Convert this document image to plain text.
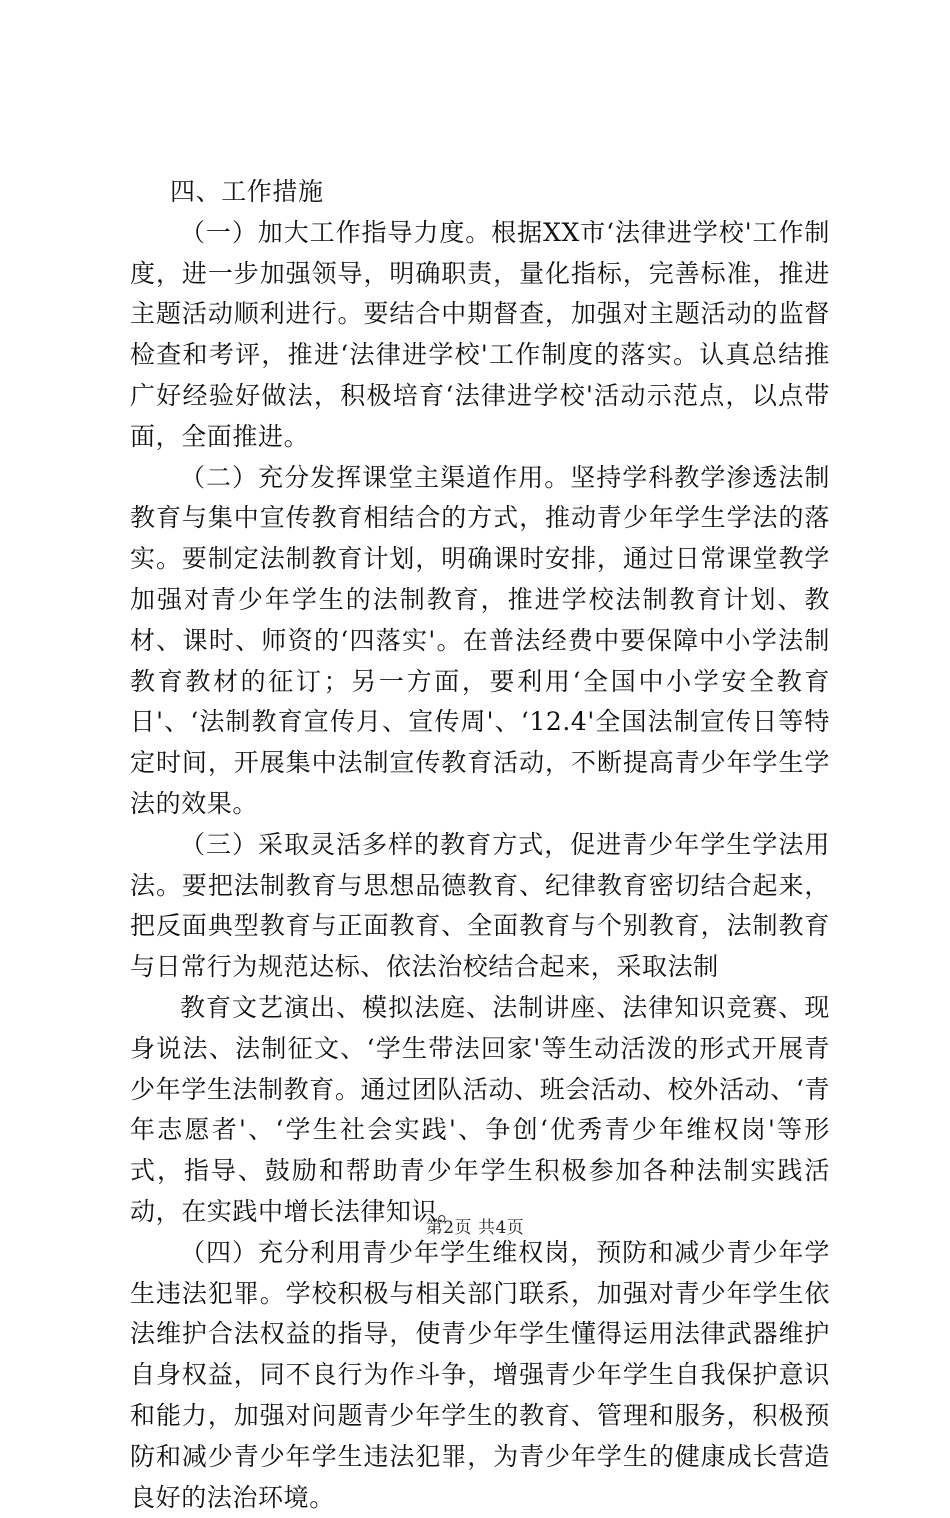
四、工作措施

（一）加大工作指导力度。根据XX市‘法律进学校'工作制度，进一步加强领导，明确职责，量化指标，完善标准，推进主题活动顺利进行。要结合中期督查，加强对主题活动的监督检查和考评，推进‘法律进学校'工作制度的落实。认真总结推广好经验好做法，积极培育‘法律进学校'活动示范点，以点带面，全面推进。

（二）充分发挥课堂主渠道作用。坚持学科教学渗透法制教育与集中宣传教育相结合的方式，推动青少年学生学法的落实。要制定法制教育计划，明确课时安排，通过日常课堂教学加强对青少年学生的法制教育，推进学校法制教育计划、教材、课时、师资的‘四落实'。在普法经费中要保障中小学法制教育教材的征订；另一方面，要利用‘全国中小学安全教育日'、‘法制教育宣传月、宣传周'、‘12.4'全国法制宣传日等特定时间，开展集中法制宣传教育活动，不断提高青少年学生学法的效果。

（三）采取灵活多样的教育方式，促进青少年学生学法用法。要把法制教育与思想品德教育、纪律教育密切结合起来，把反面典型教育与正面教育、全面教育与个别教育，法制教育与日常行为规范达标、依法治校结合起来，采取法制

教育文艺演出、模拟法庭、法制讲座、法律知识竞赛、现身说法、法制征文、‘学生带法回家'等生动活泼的形式开展青少年学生法制教育。通过团队活动、班会活动、校外活动、‘青年志愿者'、‘学生社会实践'、争创‘优秀青少年维权岗'等形式，指导、鼓励和帮助青少年学生积极参加各种法制实践活动，在实践中增长法律知识。

（四）充分利用青少年学生维权岗，预防和减少青少年学生违法犯罪。学校积极与相关部门联系，加强对青少年学生依法维护合法权益的指导，使青少年学生懂得运用法律武器维护自身权益，同不良行为作斗争，增强青少年学生自我保护意识和能力，加强对问题青少年学生的教育、管理和服务，积极预防和减少青少年学生违法犯罪，为青少年学生的健康成长营造良好的法治环境。

第2页 共4页
